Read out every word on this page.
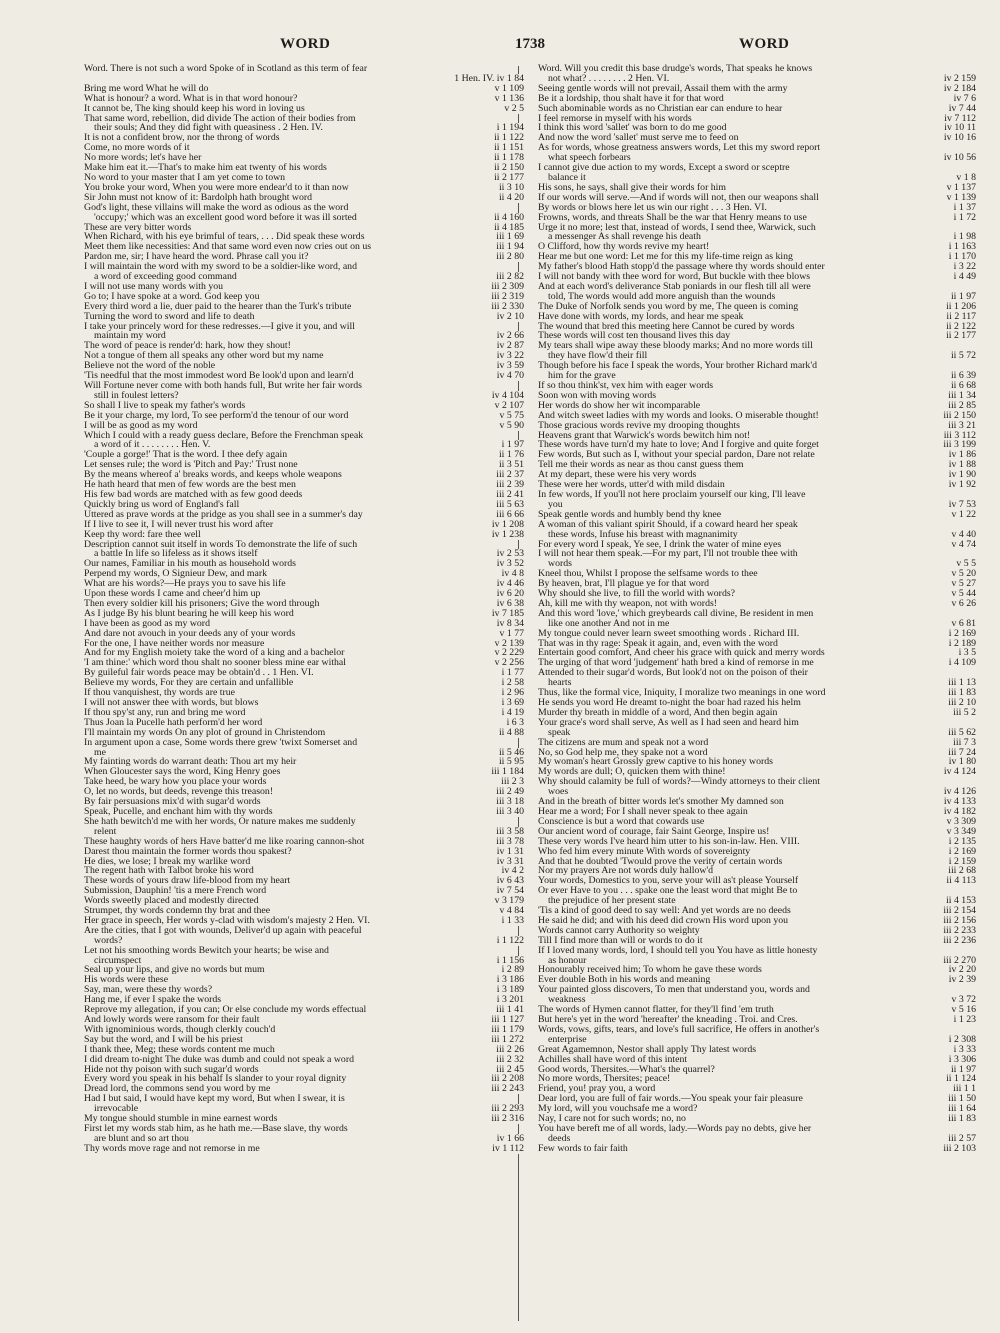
WORD	1738	WORD
Word. There is not such a word Spoke of in Scotland as this term of fear
1 Hen. IV. iv 1 84
Bring me word What he will do	v 1 109
What is honour? a word. What is in that word honour?	v 1 136
It cannot be, The king should keep his word in loving us	v 2 5
That same word, rebellion, did divide The action of their bodies from
their souls; And they did fight with queasiness . 2 Hen. IV.	i 1 194
It is not a confident brow, nor the throng of words	ii 1 122
Come, no more words of it	ii 1 151
No more words; let's have her	ii 1 178
Make him eat it.—That's to make him eat twenty of his words	ii 2 150
No word to your master that I am yet come to town	ii 2 177
You broke your word, When you were more endear'd to it than now	ii 3 10
Sir John must not know of it: Bardolph hath brought word	ii 4 20
God's light, these villains will make the word as odious as the word
'occupy;' which was an excellent good word before it was ill sorted	ii 4 160
These are very bitter words	ii 4 185
When Richard, with his eye brimful of tears, . . . Did speak these words	iii 1 69
Meet them like necessities: And that same word even now cries out on us	iii 1 94
Pardon me, sir; I have heard the word. Phrase call you it?	iii 2 80
I will maintain the word with my sword to be a soldier-like word, and
a word of exceeding good command	iii 2 82
I will not use many words with you	iii 2 309
Go to; I have spoke at a word. God keep you	iii 2 319
Every third word a lie, duer paid to the hearer than the Turk's tribute	iii 2 330
Turning the word to sword and life to death	iv 2 10
I take your princely word for these redresses.—I give it you, and will
maintain my word	iv 2 66
The word of peace is render'd: hark, how they shout!	iv 2 87
Not a tongue of them all speaks any other word but my name	iv 3 22
Believe not the word of the noble	iv 3 59
'Tis needful that the most immodest word Be look'd upon and learn'd	iv 4 70
Will Fortune never come with both hands full, But write her fair words
still in foulest letters?	iv 4 104
So shall I live to speak my father's words	v 2 107
Be it your charge, my lord, To see perform'd the tenour of our word	v 5 75
I will be as good as my word	v 5 90
Which I could with a ready guess declare, Before the Frenchman speak
a word of it . . . . . . . . Hen. V.	i 1 97
'Couple a gorge!' That is the word. I thee defy again	ii 1 76
Let senses rule; the word is 'Pitch and Pay:' Trust none	ii 3 51
By the means whereof a' breaks words, and keeps whole weapons	iii 2 37
He hath heard that men of few words are the best men	iii 2 39
His few bad words are matched with as few good deeds	iii 2 41
Quickly bring us word of England's fall	iii 5 63
Uttered as prave words at the pridge as you shall see in a summer's day	iii 6 66
If I live to see it, I will never trust his word after	iv 1 208
Keep thy word: fare thee well	iv 1 238
Description cannot suit itself in words To demonstrate the life of such
a battle In life so lifeless as it shows itself	iv 2 53
Our names, Familiar in his mouth as household words	iv 3 52
Perpend my words, O Signieur Dew, and mark	iv 4 8
What are his words?—He prays you to save his life	iv 4 46
Upon these words I came and cheer'd him up	iv 6 20
Then every soldier kill his prisoners; Give the word through	iv 6 38
As I judge By his blunt bearing he will keep his word	iv 7 185
I have been as good as my word	iv 8 34
And dare not avouch in your deeds any of your words	v 1 77
For the one, I have neither words nor measure	v 2 139
And for my English moiety take the word of a king and a bachelor	v 2 229
'I am thine:' which word thou shalt no sooner bless mine ear withal	v 2 256
By guileful fair words peace may be obtain'd . . 1 Hen. VI.	i 1 77
Believe my words, For they are certain and unfallible	i 2 58
If thou vanquishest, thy words are true	i 2 96
I will not answer thee with words, but blows	i 3 69
If thou spy'st any, run and bring me word	i 4 19
Thus Joan la Pucelle hath perform'd her word	i 6 3
I'll maintain my words On any plot of ground in Christendom	ii 4 88
In argument upon a case, Some words there grew 'twixt Somerset and
me	ii 5 46
My fainting words do warrant death: Thou art my heir	ii 5 95
When Gloucester says the word, King Henry goes	iii 1 184
Take heed, be wary how you place your words	iii 2 3
O, let no words, but deeds, revenge this treason!	iii 2 49
By fair persuasions mix'd with sugar'd words	iii 3 18
Speak, Pucelle, and enchant him with thy words	iii 3 40
She hath bewitch'd me with her words, Or nature makes me suddenly
relent	iii 3 58
These haughty words of hers Have batter'd me like roaring cannon-shot	iii 3 78
Darest thou maintain the former words thou spakest?	iv 1 31
He dies, we lose; I break my warlike word	iv 3 31
The regent hath with Talbot broke his word	iv 4 2
These words of yours draw life-blood from my heart	iv 6 43
Submission, Dauphin! 'tis a mere French word	iv 7 54
Words sweetly placed and modestly directed	v 3 179
Strumpet, thy words condemn thy brat and thee	v 4 84
Her grace in speech, Her words y-clad with wisdom's majesty 2 Hen. VI.	i 1 33
Are the cities, that I got with wounds, Deliver'd up again with peaceful
words?	i 1 122
Let not his smoothing words Bewitch your hearts; be wise and
circumspect	i 1 156
Seal up your lips, and give no words but mum	i 2 89
His words were these	i 3 186
Say, man, were these thy words?	i 3 189
Hang me, if ever I spake the words	i 3 201
Reprove my allegation, if you can; Or else conclude my words effectual	iii 1 41
And lowly words were ransom for their fault	iii 1 127
With ignominious words, though clerkly couch'd	iii 1 179
Say but the word, and I will be his priest	iii 1 272
I thank thee, Meg; these words content me much	iii 2 26
I did dream to-night The duke was dumb and could not speak a word	iii 2 32
Hide not thy poison with such sugar'd words	iii 2 45
Every word you speak in his behalf Is slander to your royal dignity	iii 2 208
Dread lord, the commons send you word by me	iii 2 243
Had I but said, I would have kept my word, But when I swear, it is
irrevocable	iii 2 293
My tongue should stumble in mine earnest words	iii 2 316
First let my words stab him, as he hath me.—Base slave, thy words
are blunt and so art thou	iv 1 66
Thy words move rage and not remorse in me	iv 1 112
Word. Will you credit this base drudge's words, That speaks he knows
not what? . . . . . . . . 2 Hen. VI.	iv 2 159
Seeing gentle words will not prevail, Assail them with the army	iv 2 184
Be it a lordship, thou shalt have it for that word	iv 7 6
Such abominable words as no Christian ear can endure to hear	iv 7 44
I feel remorse in myself with his words	iv 7 112
I think this word 'sallet' was born to do me good	iv 10 11
And now the word 'sallet' must serve me to feed on	iv 10 16
As for words, whose greatness answers words, Let this my sword report
what speech forbears	iv 10 56
I cannot give due action to my words, Except a sword or sceptre
balance it	v 1 8
His sons, he says, shall give their words for him	v 1 137
If our words will serve.—And if words will not, then our weapons shall	v 1 139
By words or blows here let us win our right . . . 3 Hen. VI.	i 1 37
Frowns, words, and threats Shall be the war that Henry means to use	i 1 72
Urge it no more; lest that, instead of words, I send thee, Warwick, such
a messenger As shall revenge his death	i 1 98
O Clifford, how thy words revive my heart!	i 1 163
Hear me but one word: Let me for this my life-time reign as king	i 1 170
My father's blood Hath stopp'd the passage where thy words should enter	i 3 22
I will not bandy with thee word for word, But buckle with thee blows	i 4 49
And at each word's deliverance Stab poniards in our flesh till all were
told, The words would add more anguish than the wounds	ii 1 97
The Duke of Norfolk sends you word by me, The queen is coming	ii 1 206
Have done with words, my lords, and hear me speak	ii 2 117
The wound that bred this meeting here Cannot be cured by words	ii 2 122
These words will cost ten thousand lives this day	ii 2 177
My tears shall wipe away these bloody marks; And no more words till
they have flow'd their fill	ii 5 72
Though before his face I speak the words, Your brother Richard mark'd
him for the grave	ii 6 39
If so thou think'st, vex him with eager words	ii 6 68
Soon won with moving words	iii 1 34
Her words do show her wit incomparable	iii 2 85
And witch sweet ladies with my words and looks. O miserable thought!	iii 2 150
Those gracious words revive my drooping thoughts	iii 3 21
Heavens grant that Warwick's words bewitch him not!	iii 3 112
These words have turn'd my hate to love; And I forgive and quite forget	iii 3 199
Few words, But such as I, without your special pardon, Dare not relate	iv 1 86
Tell me their words as near as thou canst guess them	iv 1 88
At my depart, these were his very words	iv 1 90
These were her words, utter'd with mild disdain	iv 1 92
In few words, If you'll not here proclaim yourself our king, I'll leave
you	iv 7 53
Speak gentle words and humbly bend thy knee	v 1 22
A woman of this valiant spirit Should, if a coward heard her speak
these words, Infuse his breast with magnanimity	v 4 40
For every word I speak, Ye see, I drink the water of mine eyes	v 4 74
I will not hear them speak.—For my part, I'll not trouble thee with
words	v 5 5
Kneel thou, Whilst I propose the selfsame words to thee	v 5 20
By heaven, brat, I'll plague ye for that word	v 5 27
Why should she live, to fill the world with words?	v 5 44
Ah, kill me with thy weapon, not with words!	v 6 26
And this word 'love,' which greybeards call divine, Be resident in men
like one another And not in me	v 6 81
My tongue could never learn sweet smoothing words . Richard III.	i 2 169
That was in thy rage: Speak it again, and, even with the word	i 2 189
Entertain good comfort, And cheer his grace with quick and merry words	i 3 5
The urging of that word 'judgement' hath bred a kind of remorse in me	i 4 109
Attended to their sugar'd words, But look'd not on the poison of their
hearts	iii 1 13
Thus, like the formal vice, Iniquity, I moralize two meanings in one word	iii 1 83
He sends you word He dreamt to-night the boar had razed his helm	iii 2 10
Murder thy breath in middle of a word, And then begin again	iii 5 2
Your grace's word shall serve, As well as I had seen and heard him
speak	iii 5 62
The citizens are mum and speak not a word	iii 7 3
No, so God help me, they spake not a word	iii 7 24
My woman's heart Grossly grew captive to his honey words	iv 1 80
My words are dull; O, quicken them with thine!	iv 4 124
Why should calamity be full of words?—Windy attorneys to their client
woes	iv 4 126
And in the breath of bitter words let's smother My damned son	iv 4 133
Hear me a word; For I shall never speak to thee again	iv 4 182
Conscience is but a word that cowards use	v 3 309
Our ancient word of courage, fair Saint George, Inspire us!	v 3 349
These very words I've heard him utter to his son-in-law. Hen. VIII.	i 2 135
Who fed him every minute With words of sovereignty	i 2 169
And that he doubted 'Twould prove the verity of certain words	i 2 159
Nor my prayers Are not words duly hallow'd	iii 2 68
Your words, Domestics to you, serve your will as't please Yourself	ii 4 113
Or ever Have to you . . . spake one the least word that might Be to
the prejudice of her present state	ii 4 153
'Tis a kind of good deed to say well: And yet words are no deeds	iii 2 154
He said he did; and with his deed did crown His word upon you	iii 2 156
Words cannot carry Authority so weighty	iii 2 233
Till I find more than will or words to do it	iii 2 236
If I loved many words, lord, I should tell you You have as little honesty
as honour	iii 2 270
Honourably received him; To whom he gave these words	iv 2 20
Ever double Both in his words and meaning	iv 2 39
Your painted gloss discovers, To men that understand you, words and
weakness	v 3 72
The words of Hymen cannot flatter, for they'll find 'em truth	v 5 16
But here's yet in the word 'hereafter' the kneading . Troi. and Cres.	i 1 23
Words, vows, gifts, tears, and love's full sacrifice, He offers in another's
enterprise	i 2 308
Great Agamemnon, Nestor shall apply Thy latest words	i 3 33
Achilles shall have word of this intent	i 3 306
Good words, Thersites.—What's the quarrel?	ii 1 97
No more words, Thersites; peace!	ii 1 124
Friend, you! pray you, a word	iii 1 1
Dear lord, you are full of fair words.—You speak your fair pleasure	iii 1 50
My lord, will you vouchsafe me a word?	iii 1 64
Nay, I care not for such words; no, no	iii 1 83
You have bereft me of all words, lady.—Words pay no debts, give her
deeds	iii 2 57
Few words to fair faith	iii 2 103
